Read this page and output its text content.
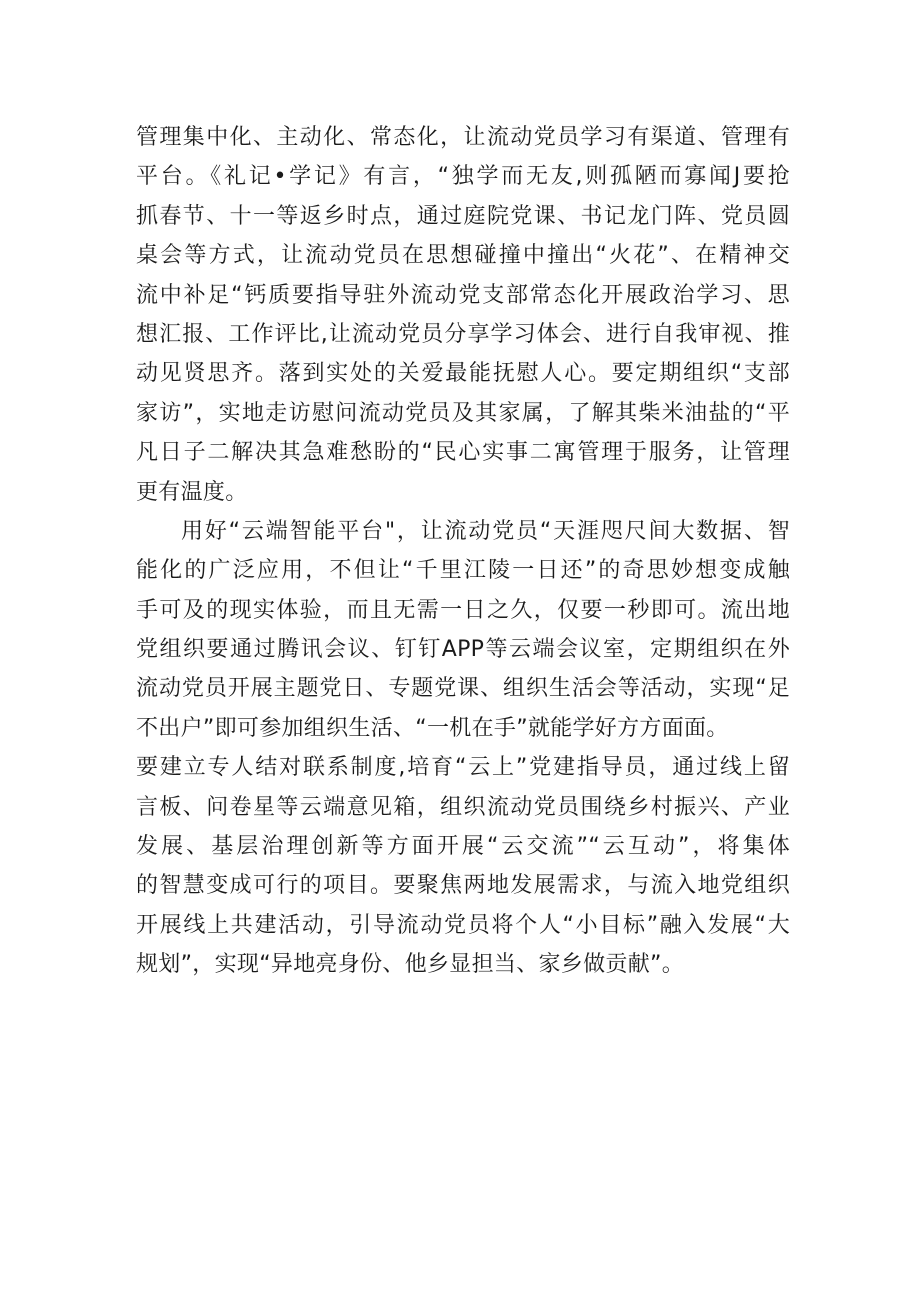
管理集中化、主动化、常态化，让流动党员学习有渠道、管理有
平台。《礼记•学记》有言，“独学而无友,则孤陋而寡闻J要抢
抓春节、十一等返乡时点，通过庭院党课、书记龙门阵、党员圆
桌会等方式，让流动党员在思想碰撞中撞出“火花”、在精神交
流中补足“钙质要指导驻外流动党支部常态化开展政治学习、思
想汇报、工作评比,让流动党员分享学习体会、进行自我审视、推
动见贤思齐。落到实处的关爱最能抚慰人心。要定期组织“支部
家访”，实地走访慰问流动党员及其家属，了解其柴米油盐的“平
凡日子二解决其急难愁盼的“民心实事二寓管理于服务，让管理
更有温度。
用好“云端智能平台"，让流动党员“天涯咫尺间大数据、智
能化的广泛应用，不但让“千里江陵一日还”的奇思妙想变成触
手可及的现实体验，而且无需一日之久，仅要一秒即可。流出地
党组织要通过腾讯会议、钉钉APP等云端会议室，定期组织在外
流动党员开展主题党日、专题党课、组织生活会等活动，实现“足
不出户”即可参加组织生活、“一机在手”就能学好方方面面。
要建立专人结对联系制度,培育“云上”党建指导员，通过线上留
言板、问卷星等云端意见箱，组织流动党员围绕乡村振兴、产业
发展、基层治理创新等方面开展“云交流”“云互动”，将集体
的智慧变成可行的项目。要聚焦两地发展需求，与流入地党组织
开展线上共建活动，引导流动党员将个人“小目标”融入发展“大
规划”，实现“异地亮身份、他乡显担当、家乡做贡献”。
